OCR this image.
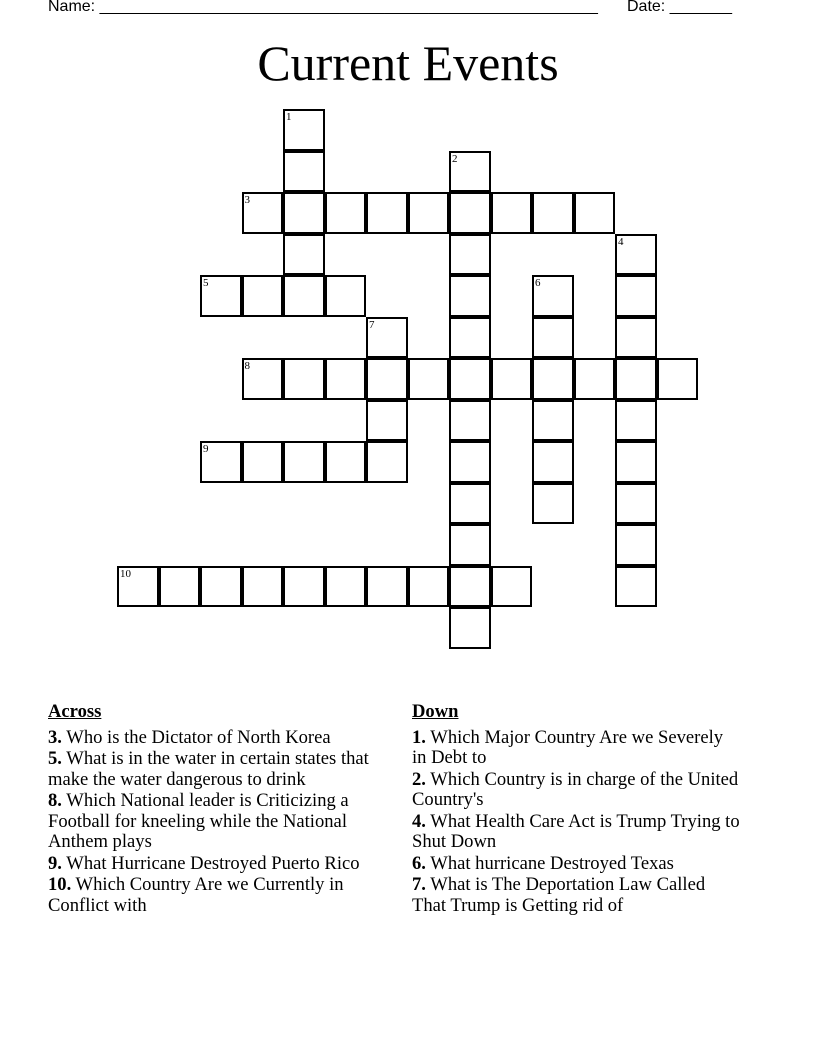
Name: ________________________________________________________ Date: _______
Current Events
1
2
3
4
5	6
7
8
9
10
Across
3. Who is the Dictator of North Korea
5. What is in the water in certain states that make the water dangerous to drink
8. Which National leader is Criticizing a Football for kneeling while the National Anthem plays
9. What Hurricane Destroyed Puerto Rico
10. Which Country Are we Currently in Conflict with
Down
1. Which Major Country Are we Severely in Debt to
2. Which Country is in charge of the United Country's
4. What Health Care Act is Trump Trying to Shut Down
6. What hurricane Destroyed Texas
7. What is The Deportation Law Called That Trump is Getting rid of
